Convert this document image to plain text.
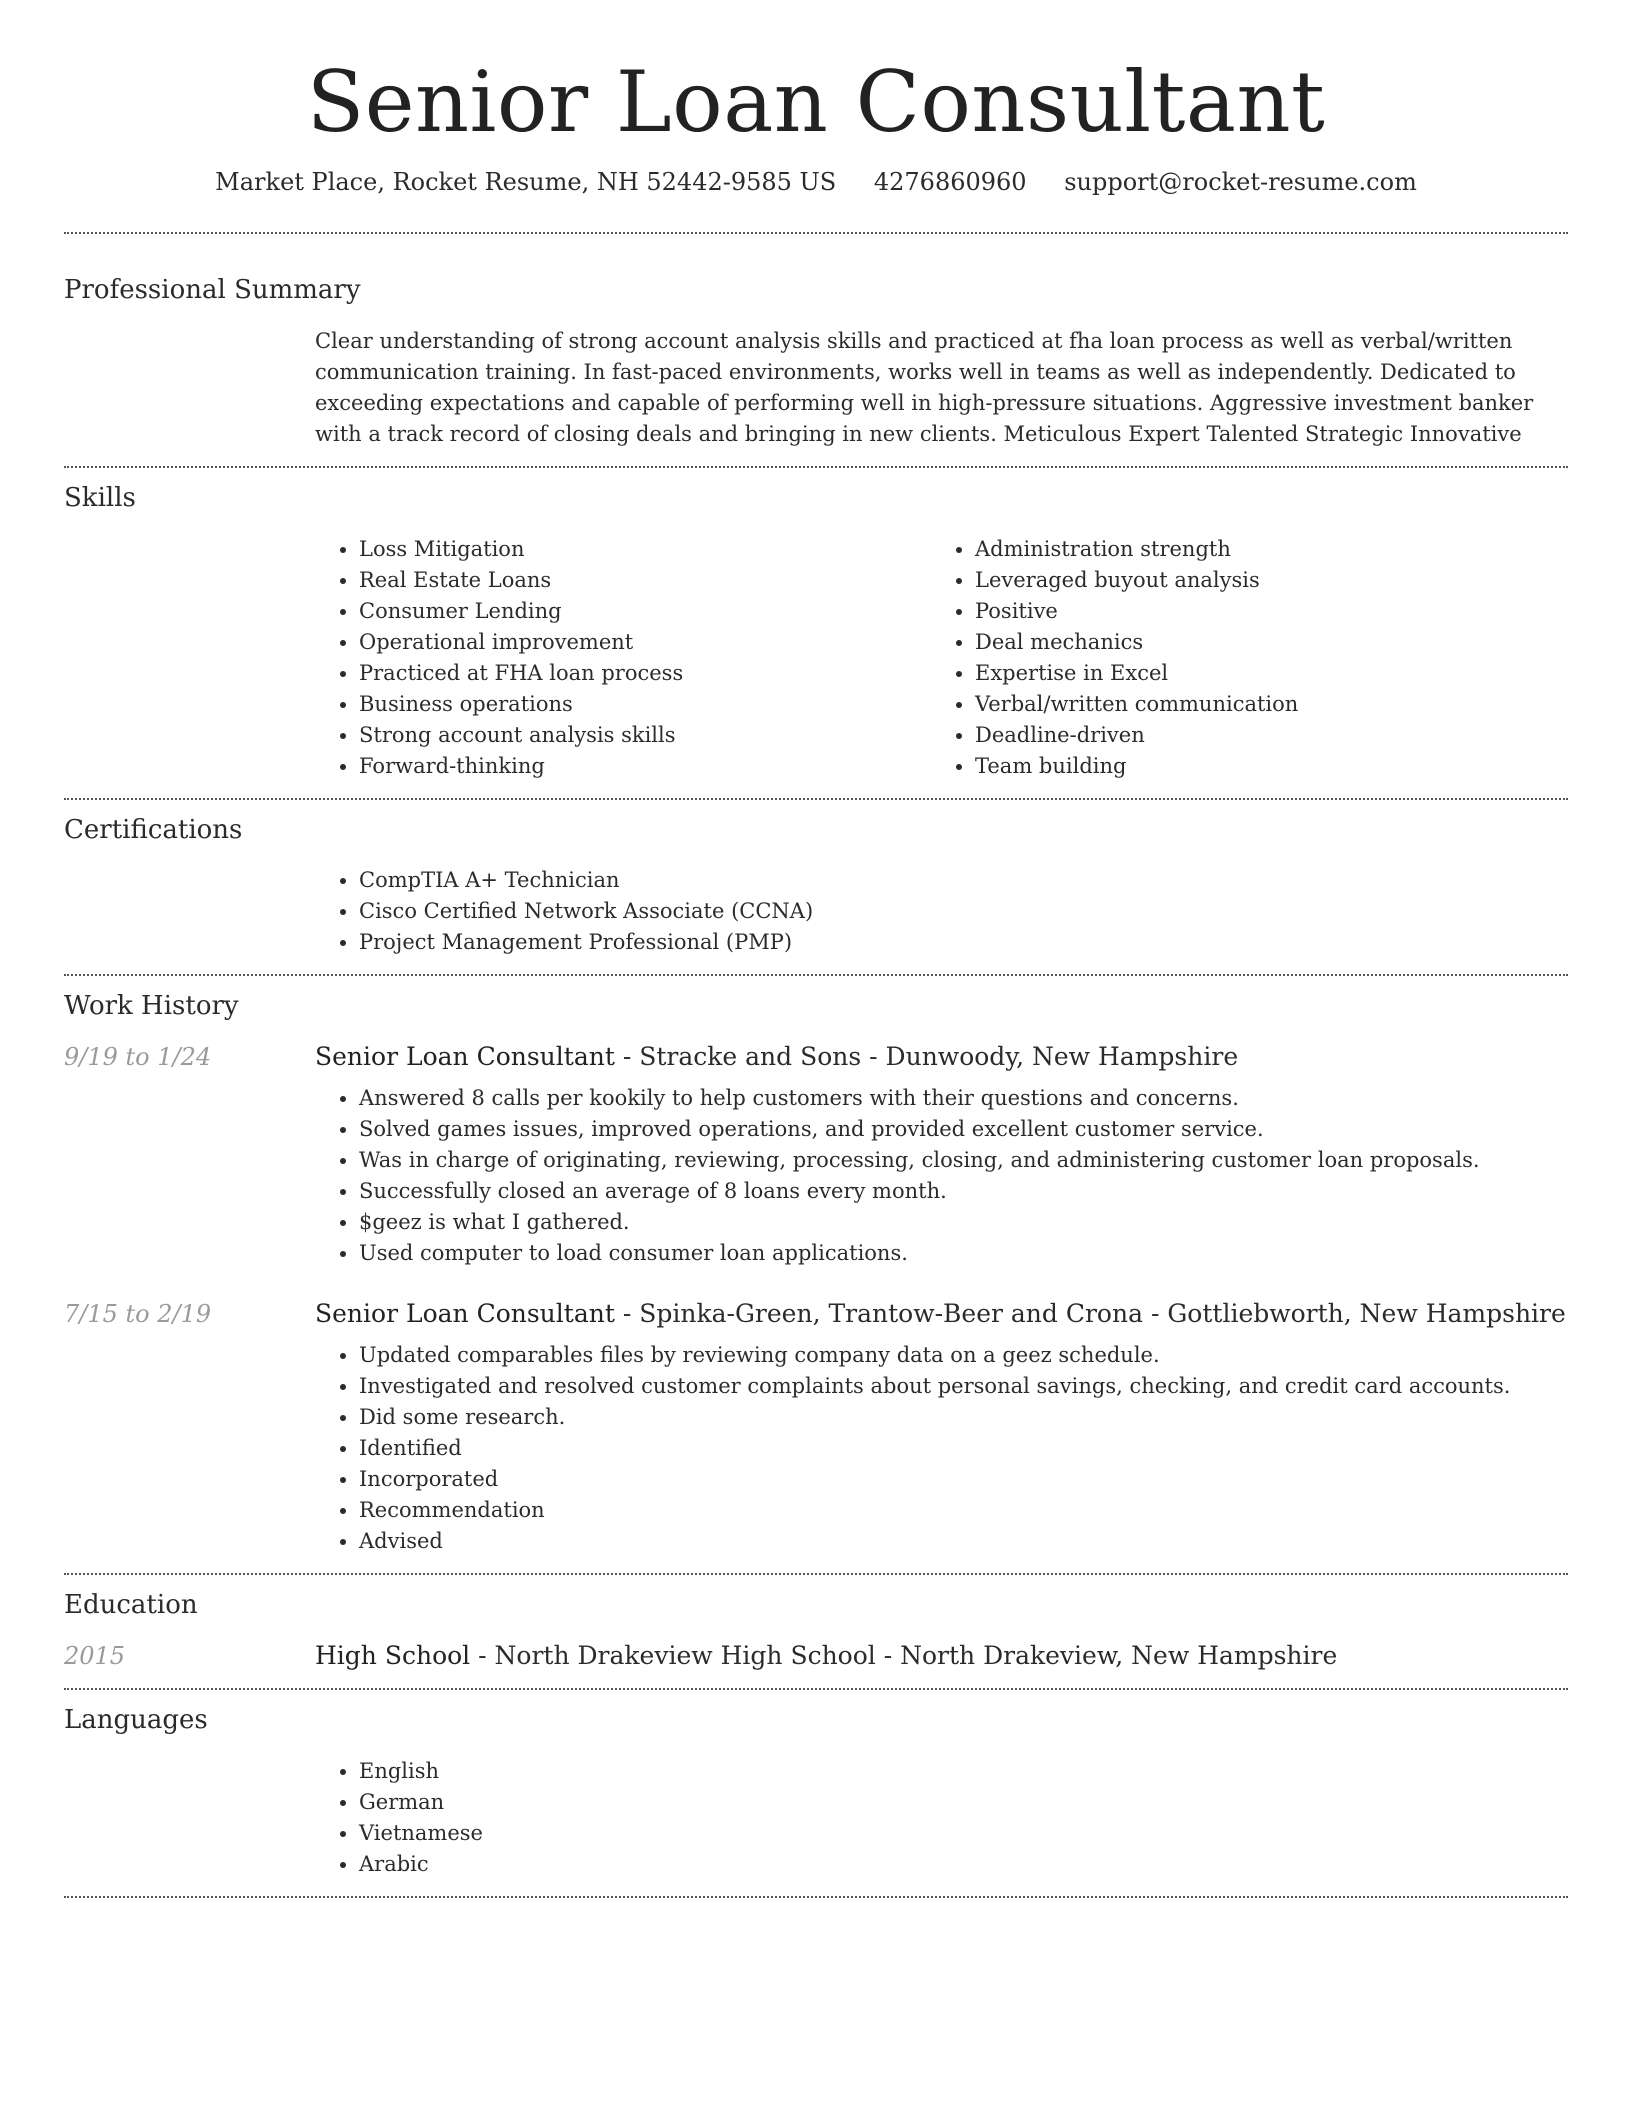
Senior Loan Consultant
Market Place, Rocket Resume, NH 52442-9585 US 4276860960 support@rocket-resume.com
Professional Summary

Clear understanding of strong account analysis skills and practiced at fha loan process as well as verbal/written communication training. In fast-paced environments, works well in teams as well as independently. Dedicated to exceeding expectations and capable of performing well in high-pressure situations. Aggressive investment banker with a track record of closing deals and bringing in new clients. Meticulous Expert Talented Strategic Innovative

Skills
• Loss Mitigation
• Real Estate Loans
• Consumer Lending
• Operational improvement
• Practiced at FHA loan process
• Business operations
• Strong account analysis skills
• Forward-thinking
• Administration strength
• Leveraged buyout analysis
• Positive
• Deal mechanics
• Expertise in Excel
• Verbal/written communication
• Deadline-driven
• Team building
Certifications
• CompTIA A+ Technician
• Cisco Certified Network Associate (CCNA)
• Project Management Professional (PMP)
Work History
9/19 to 1/24	Senior Loan Consultant - Stracke and Sons - Dunwoody, New Hampshire
• Answered 8 calls per kookily to help customers with their questions and concerns.
• Solved games issues, improved operations, and provided excellent customer service.
• Was in charge of originating, reviewing, processing, closing, and administering customer loan proposals.
• Successfully closed an average of 8 loans every month.
• $geez is what I gathered.
• Used computer to load consumer loan applications.
7/15 to 2/19	Senior Loan Consultant - Spinka-Green, Trantow-Beer and Crona - Gottliebworth, New Hampshire
• Updated comparables files by reviewing company data on a geez schedule.
• Investigated and resolved customer complaints about personal savings, checking, and credit card accounts.
• Did some research.
• Identified
• Incorporated
• Recommendation
• Advised
Education
2015	High School - North Drakeview High School - North Drakeview, New Hampshire
Languages
• English
• German
• Vietnamese
• Arabic
